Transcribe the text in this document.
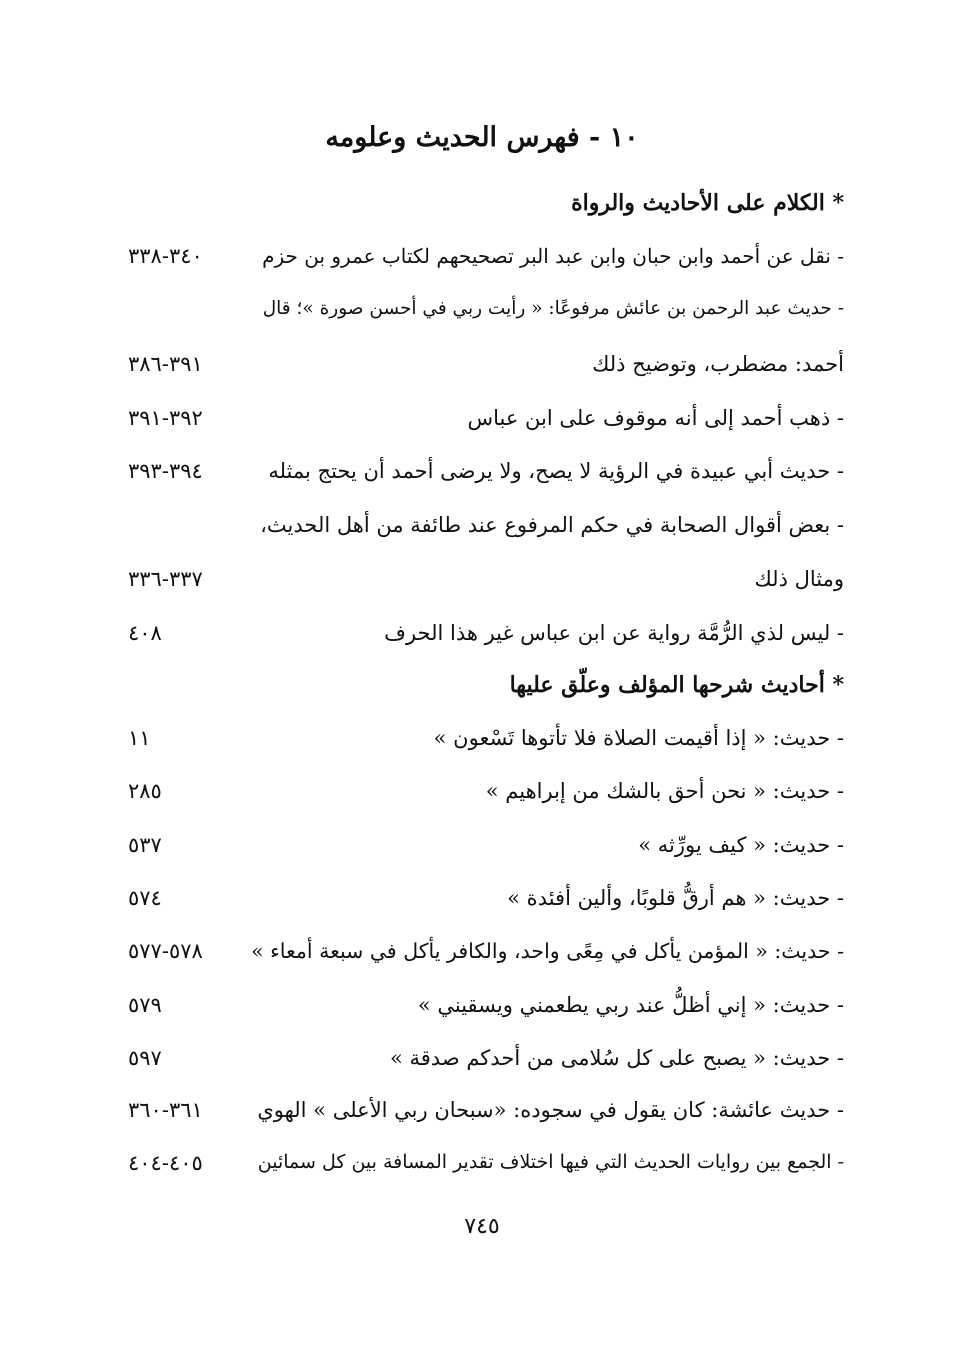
١٠ - فهرس الحديث وعلومه
* الكلام على الأحاديث والرواة
- نقل عن أحمد وابن حبان وابن عبد البر تصحيحهم لكتاب عمرو بن حزم
٣٤٠-٣٣٨
- حديث عبد الرحمن بن عائش مرفوعًا: « رأيت ربي في أحسن صورة »؛ قال
أحمد: مضطرب، وتوضيح ذلك
٣٩١-٣٨٦
- ذهب أحمد إلى أنه موقوف على ابن عباس
٣٩٢-٣٩١
- حديث أبي عبيدة في الرؤية لا يصح، ولا يرضى أحمد أن يحتج بمثله
٣٩٤-٣٩٣
- بعض أقوال الصحابة في حكم المرفوع عند طائفة من أهل الحديث،
ومثال ذلك
٣٣٧-٣٣٦
- ليس لذي الرُّمَّة رواية عن ابن عباس غير هذا الحرف
٤٠٨
* أحاديث شرحها المؤلف وعلّق عليها
- حديث: « إذا أقيمت الصلاة فلا تأتوها تَسْعون »
١١
- حديث: « نحن أحق بالشك من إبراهيم »
٢٨٥
- حديث: « كيف يورِّثه »
٥٣٧
- حديث: « هم أرقُّ قلوبًا، وألين أفئدة »
٥٧٤
- حديث: « المؤمن يأكل في مِعًى واحد، والكافر يأكل في سبعة أمعاء »
٥٧٨-٥٧٧
- حديث: « إني أظلُّ عند ربي يطعمني ويسقيني »
٥٧٩
- حديث: « يصبح على كل سُلامى من أحدكم صدقة »
٥٩٧
- حديث عائشة: كان يقول في سجوده: «سبحان ربي الأعلى » الهوي
٣٦١-٣٦٠
- الجمع بين روايات الحديث التي فيها اختلاف تقدير المسافة بين كل سمائين
٤٠٥-٤٠٤
٧٤٥
